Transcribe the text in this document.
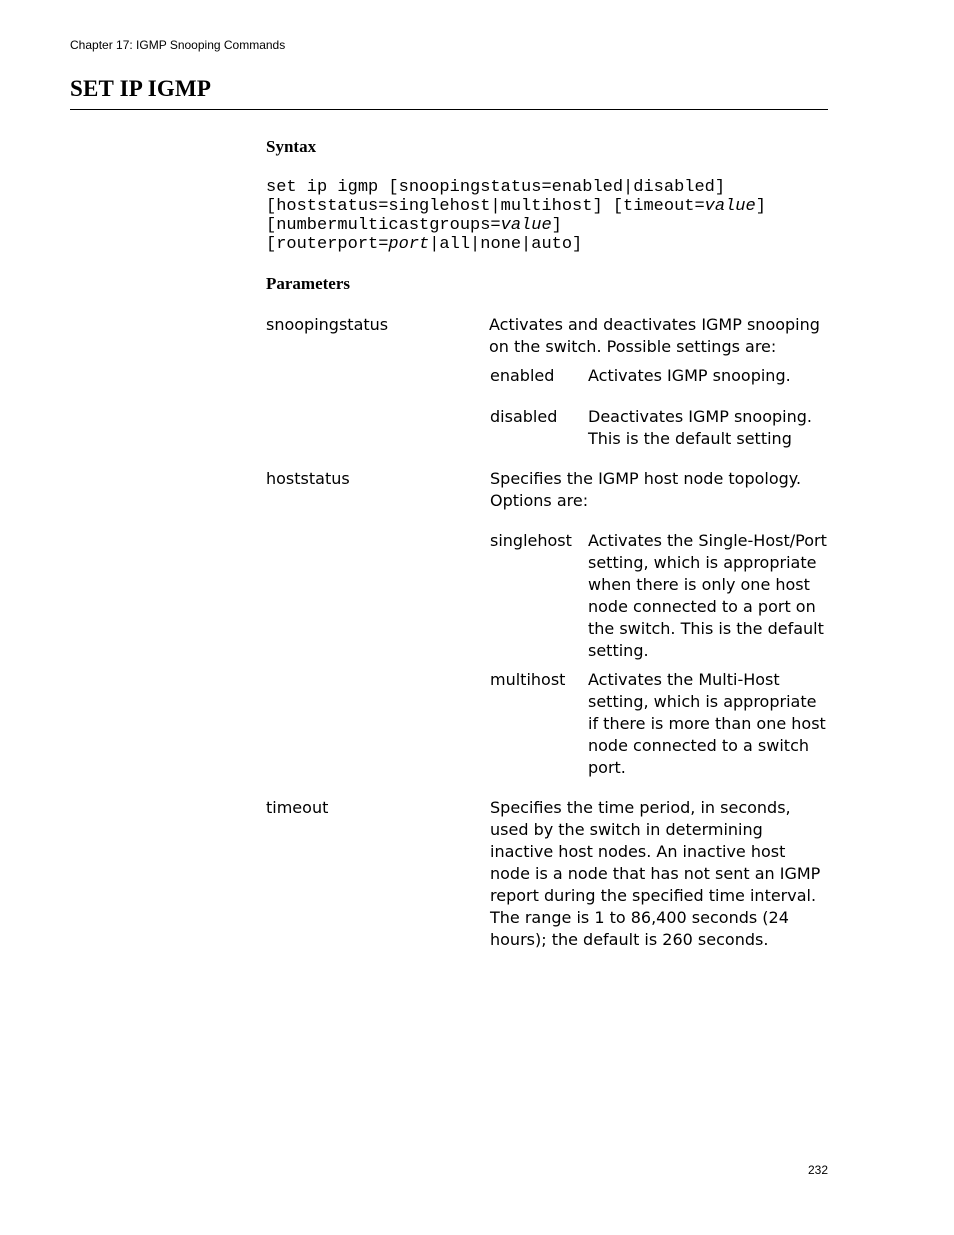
Chapter 17: IGMP Snooping Commands
SET IP IGMP
Syntax
set ip igmp [snoopingstatus=enabled|disabled]
[hoststatus=singlehost|multihost] [timeout=value]
[numbermulticastgroups=value]
[routerport=port|all|none|auto]
Parameters
snoopingstatus	Activates and deactivates IGMP snooping on the switch. Possible settings are:
enabled Activates IGMP snooping.
disabled Deactivates IGMP snooping. This is the default setting
hoststatus	Specifies the IGMP host node topology. Options are:
singlehost Activates the Single-Host/Port setting, which is appropriate when there is only one host node connected to a port on the switch. This is the default setting.
multihost Activates the Multi-Host setting, which is appropriate if there is more than one host node connected to a switch port.
timeout	Specifies the time period, in seconds, used by the switch in determining inactive host nodes. An inactive host node is a node that has not sent an IGMP report during the specified time interval. The range is 1 to 86,400 seconds (24 hours); the default is 260 seconds.
232
